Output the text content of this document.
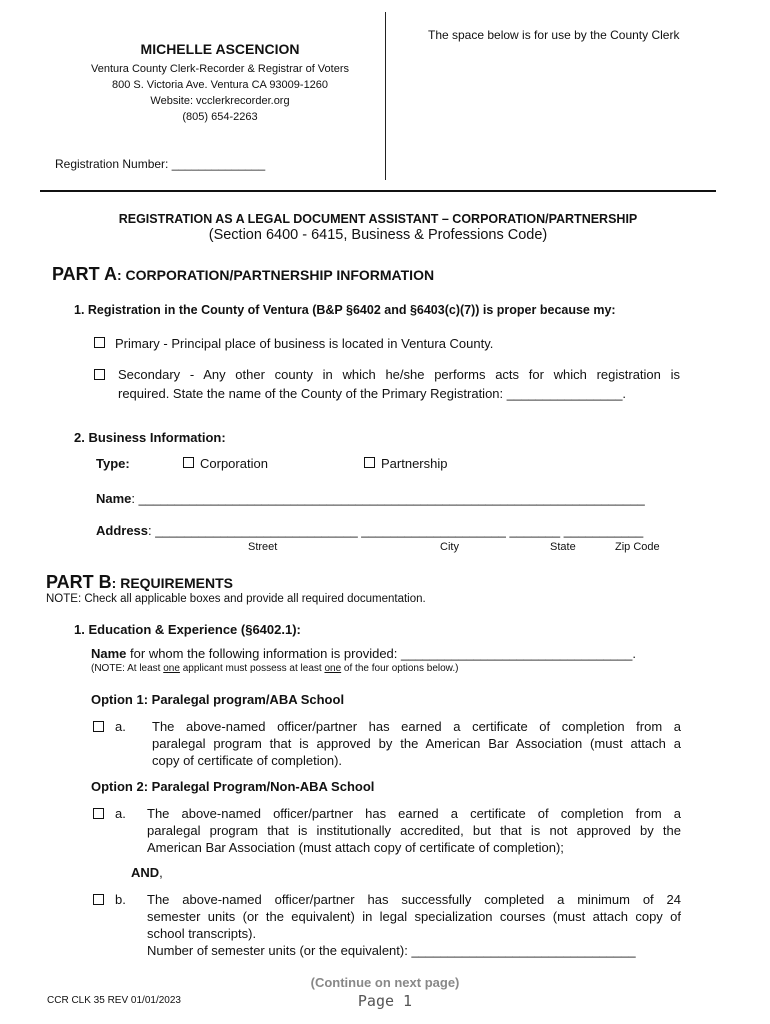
The space below is for use by the County Clerk
MICHELLE ASCENCION
Ventura County Clerk-Recorder & Registrar of Voters
800 S. Victoria Ave. Ventura CA 93009-1260
Website: vcclerkrecorder.org
(805) 654-2263
Registration Number: ______________
REGISTRATION AS A LEGAL DOCUMENT ASSISTANT – CORPORATION/PARTNERSHIP
(Section 6400 - 6415, Business & Professions Code)
PART A: CORPORATION/PARTNERSHIP INFORMATION
1. Registration in the County of Ventura (B&P §6402 and §6403(c)(7)) is proper because my:
Primary - Principal place of business is located in Ventura County.
Secondary - Any other county in which he/she performs acts for which registration is
required. State the name of the County of the Primary Registration: ________________.
2. Business Information:
Type:	Corporation	Partnership
Name: ______________________________________________________________________
Address: ____________________________ ____________________ _______ ___________
Street	City	State	Zip Code
PART B: REQUIREMENTS
NOTE: Check all applicable boxes and provide all required documentation.
1. Education & Experience (§6402.1):
Name for whom the following information is provided: ________________________________.
(NOTE: At least one applicant must possess at least one of the four options below.)
Option 1: Paralegal program/ABA School
a. The above-named officer/partner has earned a certificate of completion from a
paralegal program that is approved by the American Bar Association (must attach a
copy of certificate of completion).
Option 2: Paralegal Program/Non-ABA School
a. The above-named officer/partner has earned a certificate of completion from a
paralegal program that is institutionally accredited, but that is not approved by the
American Bar Association (must attach copy of certificate of completion);
AND,
b. The above-named officer/partner has successfully completed a minimum of 24
semester units (or the equivalent) in legal specialization courses (must attach copy of
school transcripts).
Number of semester units (or the equivalent): _______________________________
(Continue on next page)
Page 1
CCR CLK 35 REV 01/01/2023
